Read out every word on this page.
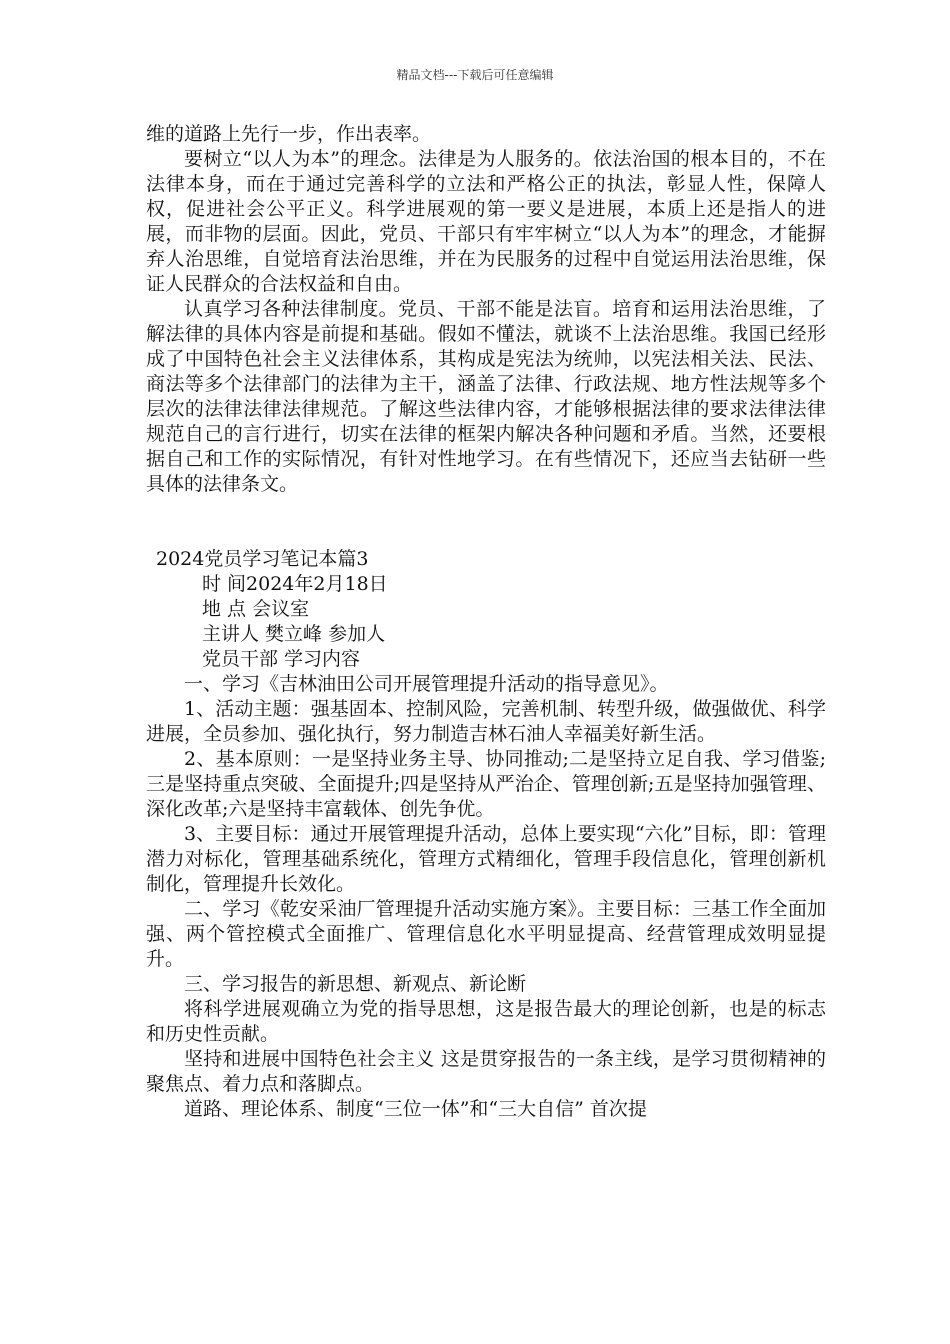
精品文档---下载后可任意编辑

维的道路上先行一步，作出表率。

要树立“以人为本”的理念。法律是为人服务的。依法治国的根本目的，不在法律本身，而在于通过完善科学的立法和严格公正的执法，彰显人性，保障人权，促进社会公平正义。科学进展观的第一要义是进展，本质上还是指人的进展，而非物的层面。因此，党员、干部只有牢牢树立“以人为本”的理念，才能摒弃人治思维，自觉培育法治思维，并在为民服务的过程中自觉运用法治思维，保证人民群众的合法权益和自由。

认真学习各种法律制度。党员、干部不能是法盲。培育和运用法治思维，了解法律的具体内容是前提和基础。假如不懂法，就谈不上法治思维。我国已经形成了中国特色社会主义法律体系，其构成是宪法为统帅，以宪法相关法、民法、商法等多个法律部门的法律为主干，涵盖了法律、行政法规、地方性法规等多个层次的法律法律法律规范。了解这些法律内容，才能够根据法律的要求法律法律规范自己的言行进行，切实在法律的框架内解决各种问题和矛盾。当然，还要根据自己和工作的实际情况，有针对性地学习。在有些情况下，还应当去钻研一些具体的法律条文。

2024党员学习笔记本篇3

时 间2024年2月18日

地 点 会议室

主讲人 樊立峰 参加人

党员干部 学习内容

一、学习《吉林油田公司开展管理提升活动的指导意见》。

1、活动主题：强基固本、控制风险，完善机制、转型升级，做强做优、科学进展，全员参加、强化执行，努力制造吉林石油人幸福美好新生活。

2、基本原则：一是坚持业务主导、协同推动;二是坚持立足自我、学习借鉴;三是坚持重点突破、全面提升;四是坚持从严治企、管理创新;五是坚持加强管理、深化改革;六是坚持丰富载体、创先争优。

3、主要目标：通过开展管理提升活动，总体上要实现“六化”目标，即：管理潜力对标化，管理基础系统化，管理方式精细化，管理手段信息化，管理创新机制化，管理提升长效化。

二、学习《乾安采油厂管理提升活动实施方案》。主要目标：三基工作全面加强、两个管控模式全面推广、管理信息化水平明显提高、经营管理成效明显提升。

三、学习报告的新思想、新观点、新论断

将科学进展观确立为党的指导思想，这是报告最大的理论创新，也是的标志和历史性贡献。

坚持和进展中国特色社会主义 这是贯穿报告的一条主线，是学习贯彻精神的聚焦点、着力点和落脚点。

道路、理论体系、制度“三位一体”和“三大自信” 首次提
